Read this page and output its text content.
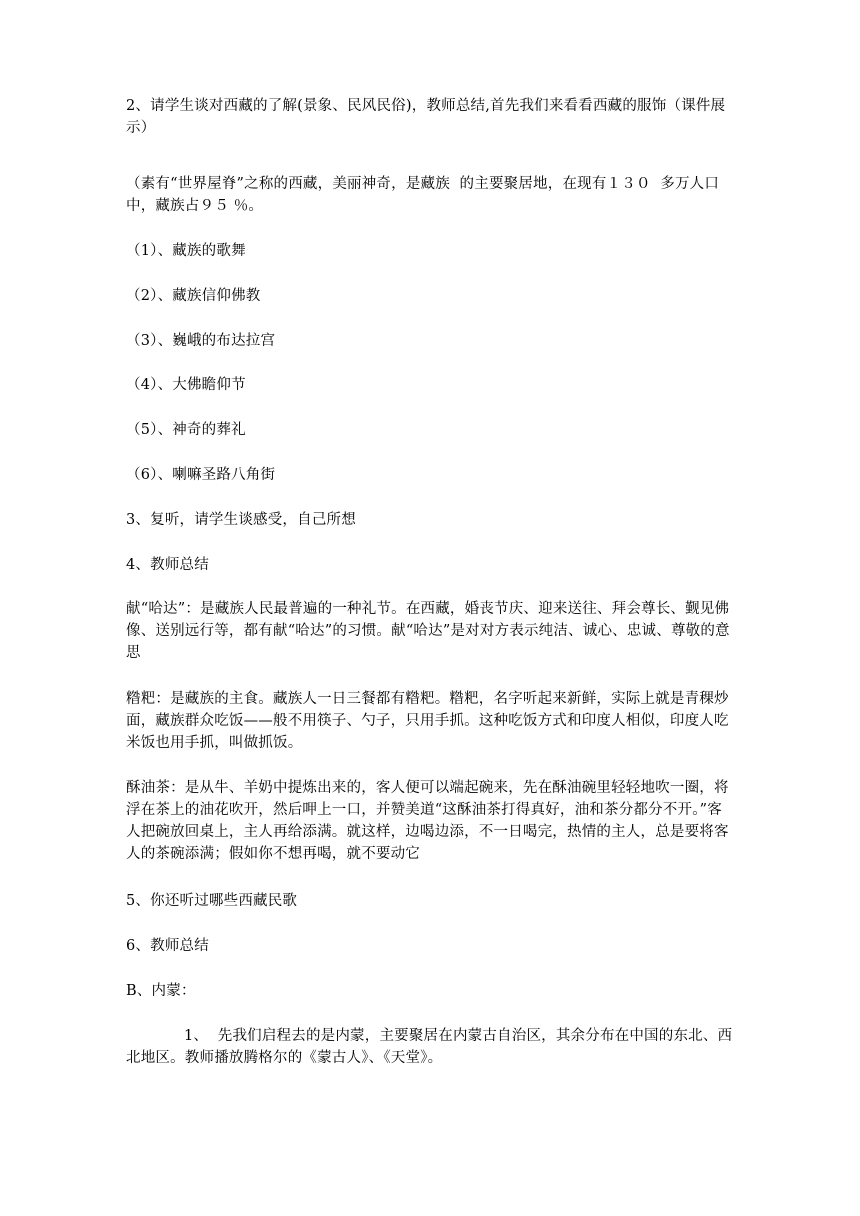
2、请学生谈对西藏的了解(景象、民风民俗)，教师总结,首先我们来看看西藏的服饰（课件展示）

（素有“世界屋脊”之称的西藏，美丽神奇，是藏族  的主要聚居地，在现有１３０  多万人口中，藏族占９５ ％。

（1）、藏族的歌舞

（2）、藏族信仰佛教

（3）、巍峨的布达拉宫

（4）、大佛瞻仰节

（5）、神奇的葬礼

（6）、喇嘛圣路八角街

3、复听，请学生谈感受，自己所想

4、教师总结

献“哈达”：是藏族人民最普遍的一种礼节。在西藏，婚丧节庆、迎来送往、拜会尊长、觐见佛像、送别远行等，都有献“哈达”的习惯。献“哈达”是对对方表示纯洁、诚心、忠诚、尊敬的意思

糌粑：是藏族的主食。藏族人一日三餐都有糌粑。糌粑，名字听起来新鲜，实际上就是青稞炒面，藏族群众吃饭——般不用筷子、勺子，只用手抓。这种吃饭方式和印度人相似，印度人吃米饭也用手抓，叫做抓饭。

酥油茶：是从牛、羊奶中提炼出来的，客人便可以端起碗来，先在酥油碗里轻轻地吹一圈，将浮在茶上的油花吹开，然后呷上一口，并赞美道“这酥油茶打得真好，油和茶分都分不开。”客人把碗放回桌上，主人再给添满。就这样，边喝边添，不一日喝完，热情的主人，总是要将客人的茶碗添满；假如你不想再喝，就不要动它

5、你还听过哪些西藏民歌

6、教师总结

B、内蒙：

1、  先我们启程去的是内蒙，主要聚居在内蒙古自治区，其余分布在中国的东北、西北地区。教师播放腾格尔的《蒙古人》、《天堂》。
